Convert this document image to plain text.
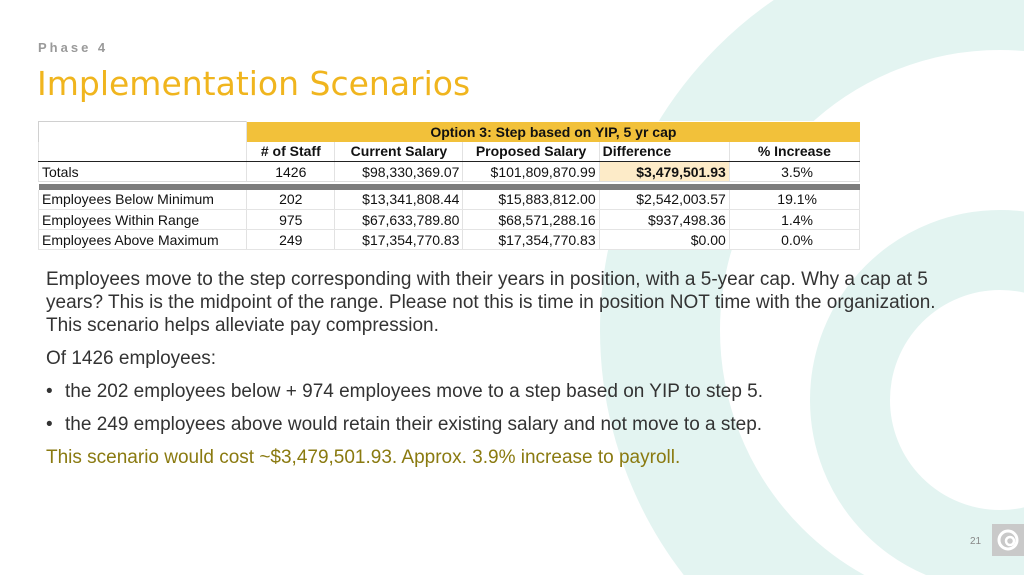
Phase 4
Implementation Scenarios
	Option 3: Step based on YIP, 5 yr cap				
	# of Staff	Current Salary	Proposed Salary	Difference	% Increase
Totals	1426	$98,330,369.07	$101,809,870.99	$3,479,501.93	3.5%

Employees Below Minimum	202	$13,341,808.44	$15,883,812.00	$2,542,003.57	19.1%
Employees Within Range	975	$67,633,789.80	$68,571,288.16	$937,498.36	1.4%
Employees Above Maximum	249	$17,354,770.83	$17,354,770.83	$0.00	0.0%

Employees move to the step corresponding with their years in position, with a 5-year cap. Why a cap at 5 years? This is the midpoint of the range. Please not this is time in position NOT time with the organization. This scenario helps alleviate pay compression.

Of 1426 employees:

• the 202 employees below + 974 employees move to a step based on YIP to step 5.
• the 249 employees above would retain their existing salary and not move to a step.

This scenario would cost ~$3,479,501.93. Approx. 3.9% increase to payroll.

21
